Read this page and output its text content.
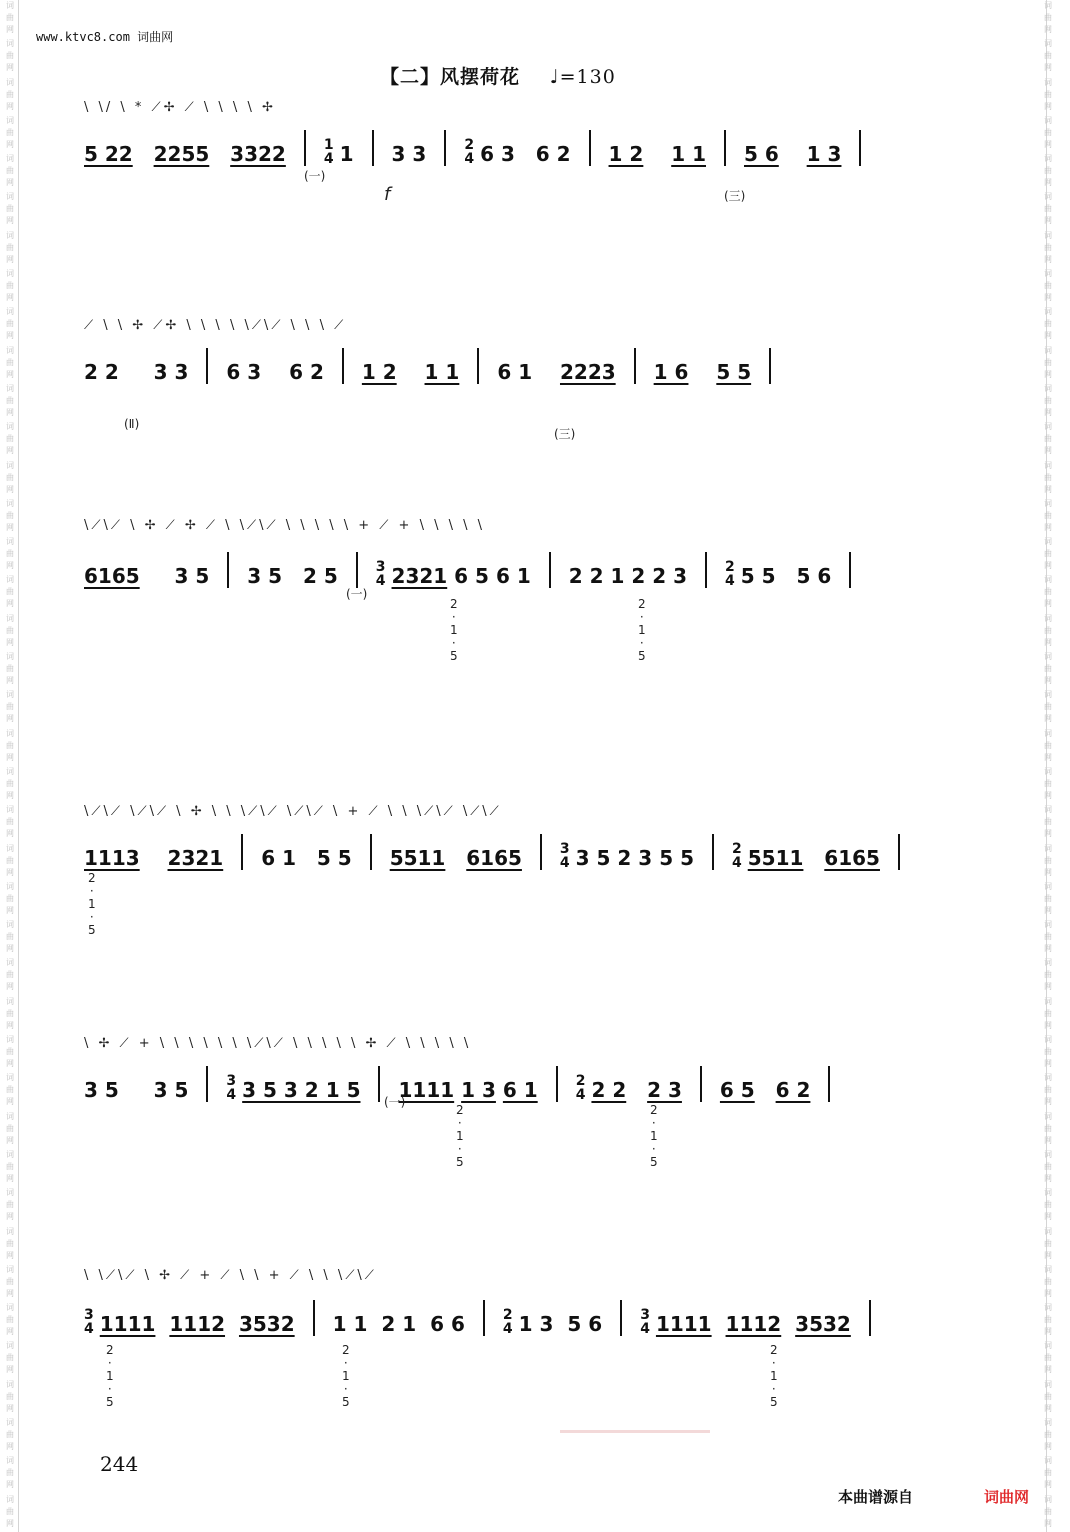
词
曲
网
词
曲
网
词
曲
网
词
曲
网
词
曲
网
词
曲
网
词
曲
网
词
曲
网
词
曲
网
词
曲
网
词
曲
网
词
曲
网
词
曲
网
词
曲
网
词
曲
网
词
曲
网
词
曲
网
词
曲
网
词
曲
网
词
曲
网
词
曲
网
词
曲
网
词
曲
网
词
曲
网
词
曲
网
词
曲
网
词
曲
网
词
曲
网
词
曲
网
词
曲
网
词
曲
网
词
曲
网
词
曲
网
词
曲
网
词
曲
网
词
曲
网
词
曲
网
词
曲
网
词
曲
网
词
曲
网
词
曲
网
词
曲
网
词
曲
网
词
曲
网
词
曲
网
词
曲
网
词
曲
网
词
曲
网
词
曲
网
词
曲
网
词
曲
网
词
曲
网
词
曲
网
词
曲
网
词
曲
网
词
曲
网
词
曲
网
词
曲
网
词
曲
网
词
曲
网
词
曲
网
词
曲
网
词
曲
网
词
曲
网
词
曲
网
词
曲
网
词
曲
网
词
曲
网
词
曲
网
词
曲
网
词
曲
网
词
曲
网
词
曲
网
词
曲
网
词
曲
网
词
曲
网
词
曲
网
词
曲
网
词
曲
网
词
曲
网
www.ktvc8.com 词曲网
【二】风摆荷花 ♩=130
\ \/ \ * ⟋✢ ⟋ \ \ \ \ ✢
5 22
2255
3322	1
4 1 3 3	2
4 6 3
6 2 1 2
1 1 5 6
1 3
(一)
f	(三)
⟋ \ \ ✢ ⟋✢ \ \ \ \ \⟋\⟋ \ \ \ ⟋
2 2
3 3 6 3
6 2 1 2
1 1 6 1
2223 1 6
5 5
(Ⅱ)
(三)
\⟋\⟋ \ ✢ ⟋ ✢ ⟋ \ \⟋\⟋ \ \ \ \ \ + ⟋ + \ \ \ \ \
6165
3 5 3 5
2 5	3
4 2321
6 5
6 1 2 2 1 2 2 3	2
4 5 5
5 6
2
·
1
·
5
2
·
1
·
5
(一)
\⟋\⟋ \⟋\⟋ \ ✢ \ \ \⟋\⟋ \⟋\⟋ \ + ⟋ \ \ \⟋\⟋ \⟋\⟋
1113
2321 6 1
5 5 5511
6165	3
4 3 5 2 3 5 5	2
4 5511
6165
2
·
1
·
5
\ ✢ ⟋ + \ \ \ \ \ \ \⟋\⟋ \ \ \ \ \ ✢ ⟋ \ \ \ \ \
3 5
3 5	3
4 3 5 3 2 1 5 1111
1 3
6 1	2
4 2 2
2 3 6 5
6 2
2
·
1
·
5
2
·
1
·
5
(一)
\ \⟋\⟋ \ ✢ ⟋ + ⟋ \ \ + ⟋ \ \ \⟋\⟋
3
4 1111
1112
3532 1 1
2 1
6 6	2
4 1 3
5 6	3
4 1111
1112
3532
2
·
1
·
5
2
·
1
·
5
2
·
1
·
5
244
本曲谱源自	词曲网
